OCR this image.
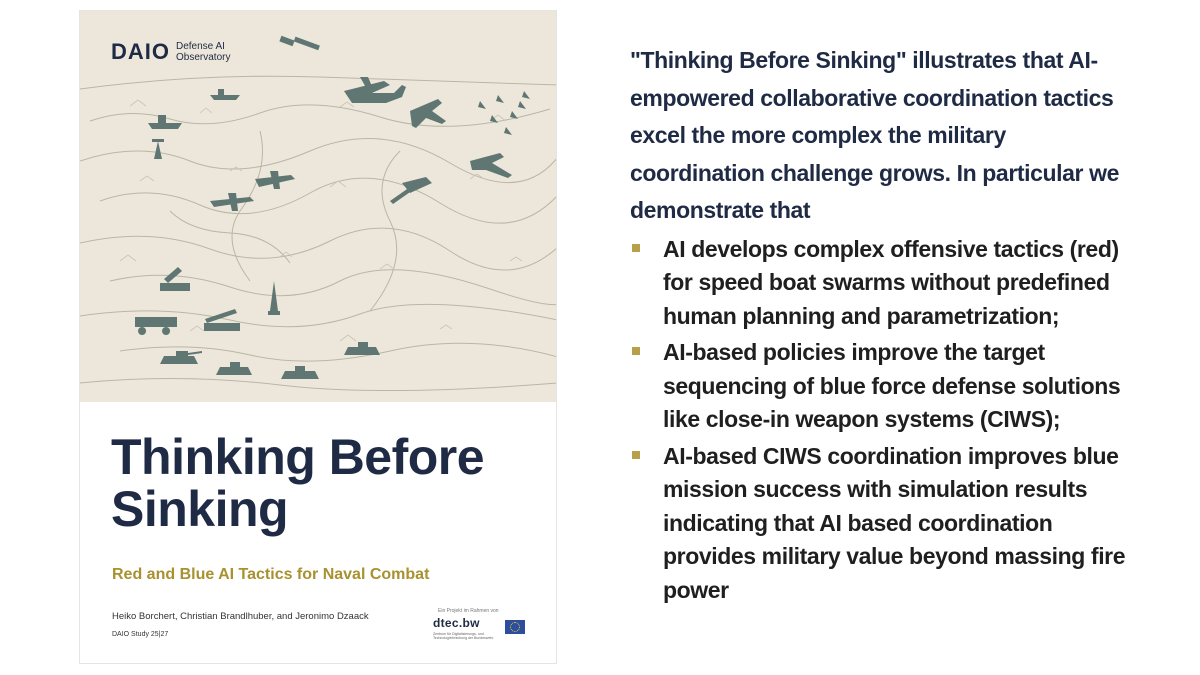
DAIO Defense AI
Observatory
Thinking Before
Sinking
Red and Blue AI Tactics for Naval Combat
Heiko Borchert, Christian Brandlhuber, and Jeronimo Dzaack
DAIO Study 25|27
Ein Projekt im Rahmen von
dtec.bw
Zentrum für Digitalisierungs- und Technologieforschung der Bundeswehr

"Thinking Before Sinking" illustrates that AI-
empowered collaborative coordination tactics
excel the more complex the military
coordination challenge grows. In particular we
demonstrate that

AI develops complex offensive tactics (red)
for speed boat swarms without predefined
human planning and parametrization;
AI-based policies improve the target
sequencing of blue force defense solutions
like close-in weapon systems (CIWS);
AI-based CIWS coordination improves blue
mission success with simulation results
indicating that AI based coordination
provides military value beyond massing fire
power
